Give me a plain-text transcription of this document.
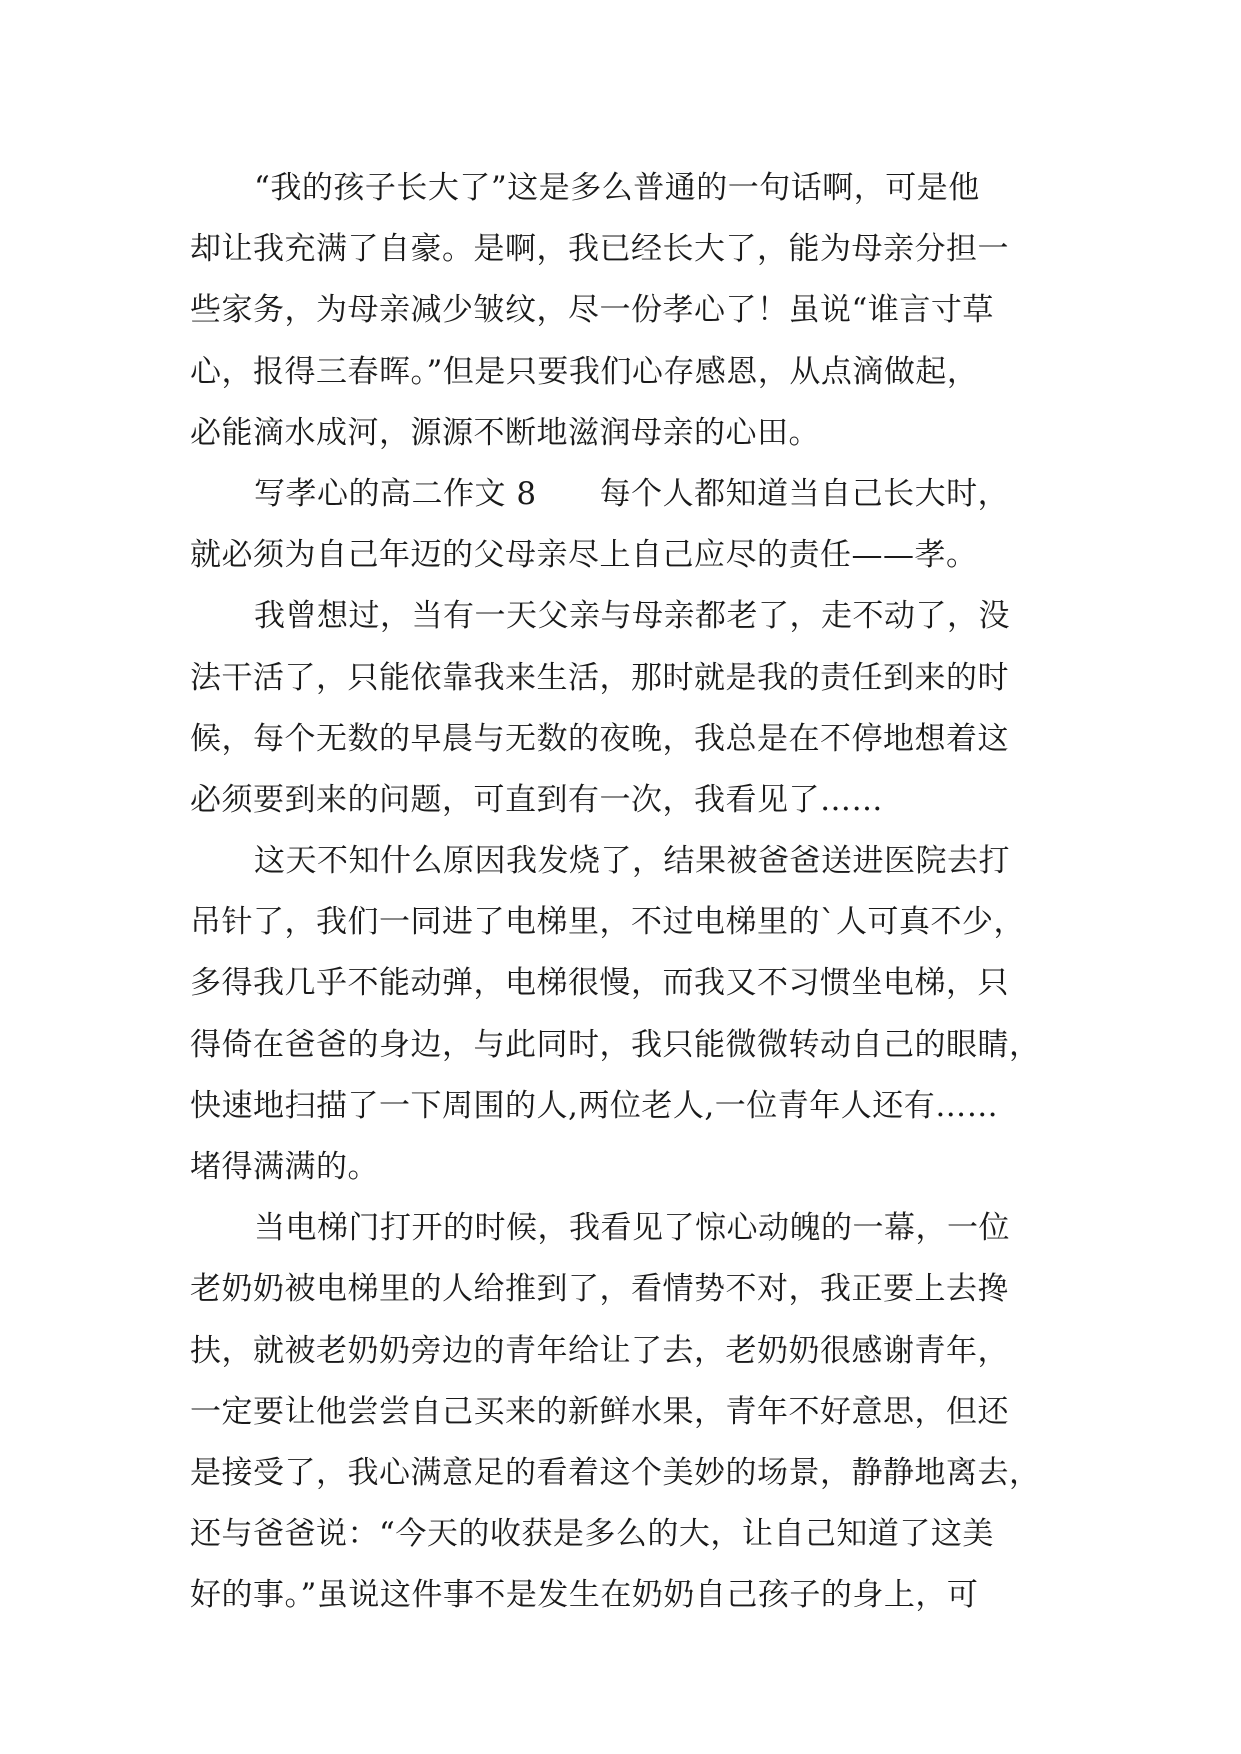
“我的孩子长大了”这是多么普通的一句话啊，可是他
却让我充满了自豪。是啊，我已经长大了，能为母亲分担一
些家务，为母亲减少皱纹，尽一份孝心了！虽说“谁言寸草
心，报得三春晖。”但是只要我们心存感恩，从点滴做起，
必能滴水成河，源源不断地滋润母亲的心田。
写孝心的高二作文 8　　每个人都知道当自己长大时，
就必须为自己年迈的父母亲尽上自己应尽的责任——孝。
我曾想过，当有一天父亲与母亲都老了，走不动了，没
法干活了，只能依靠我来生活，那时就是我的责任到来的时
候，每个无数的早晨与无数的夜晚，我总是在不停地想着这
必须要到来的问题，可直到有一次，我看见了……
这天不知什么原因我发烧了，结果被爸爸送进医院去打
吊针了，我们一同进了电梯里，不过电梯里的`人可真不少，
多得我几乎不能动弹，电梯很慢，而我又不习惯坐电梯，只
得倚在爸爸的身边，与此同时，我只能微微转动自己的眼睛，
快速地扫描了一下周围的人,两位老人,一位青年人还有……
堵得满满的。
当电梯门打开的时候，我看见了惊心动魄的一幕，一位
老奶奶被电梯里的人给推到了，看情势不对，我正要上去搀
扶，就被老奶奶旁边的青年给让了去，老奶奶很感谢青年，
一定要让他尝尝自己买来的新鲜水果，青年不好意思，但还
是接受了，我心满意足的看着这个美妙的场景，静静地离去，
还与爸爸说：“今天的收获是多么的大，让自己知道了这美
好的事。”虽说这件事不是发生在奶奶自己孩子的身上，可
